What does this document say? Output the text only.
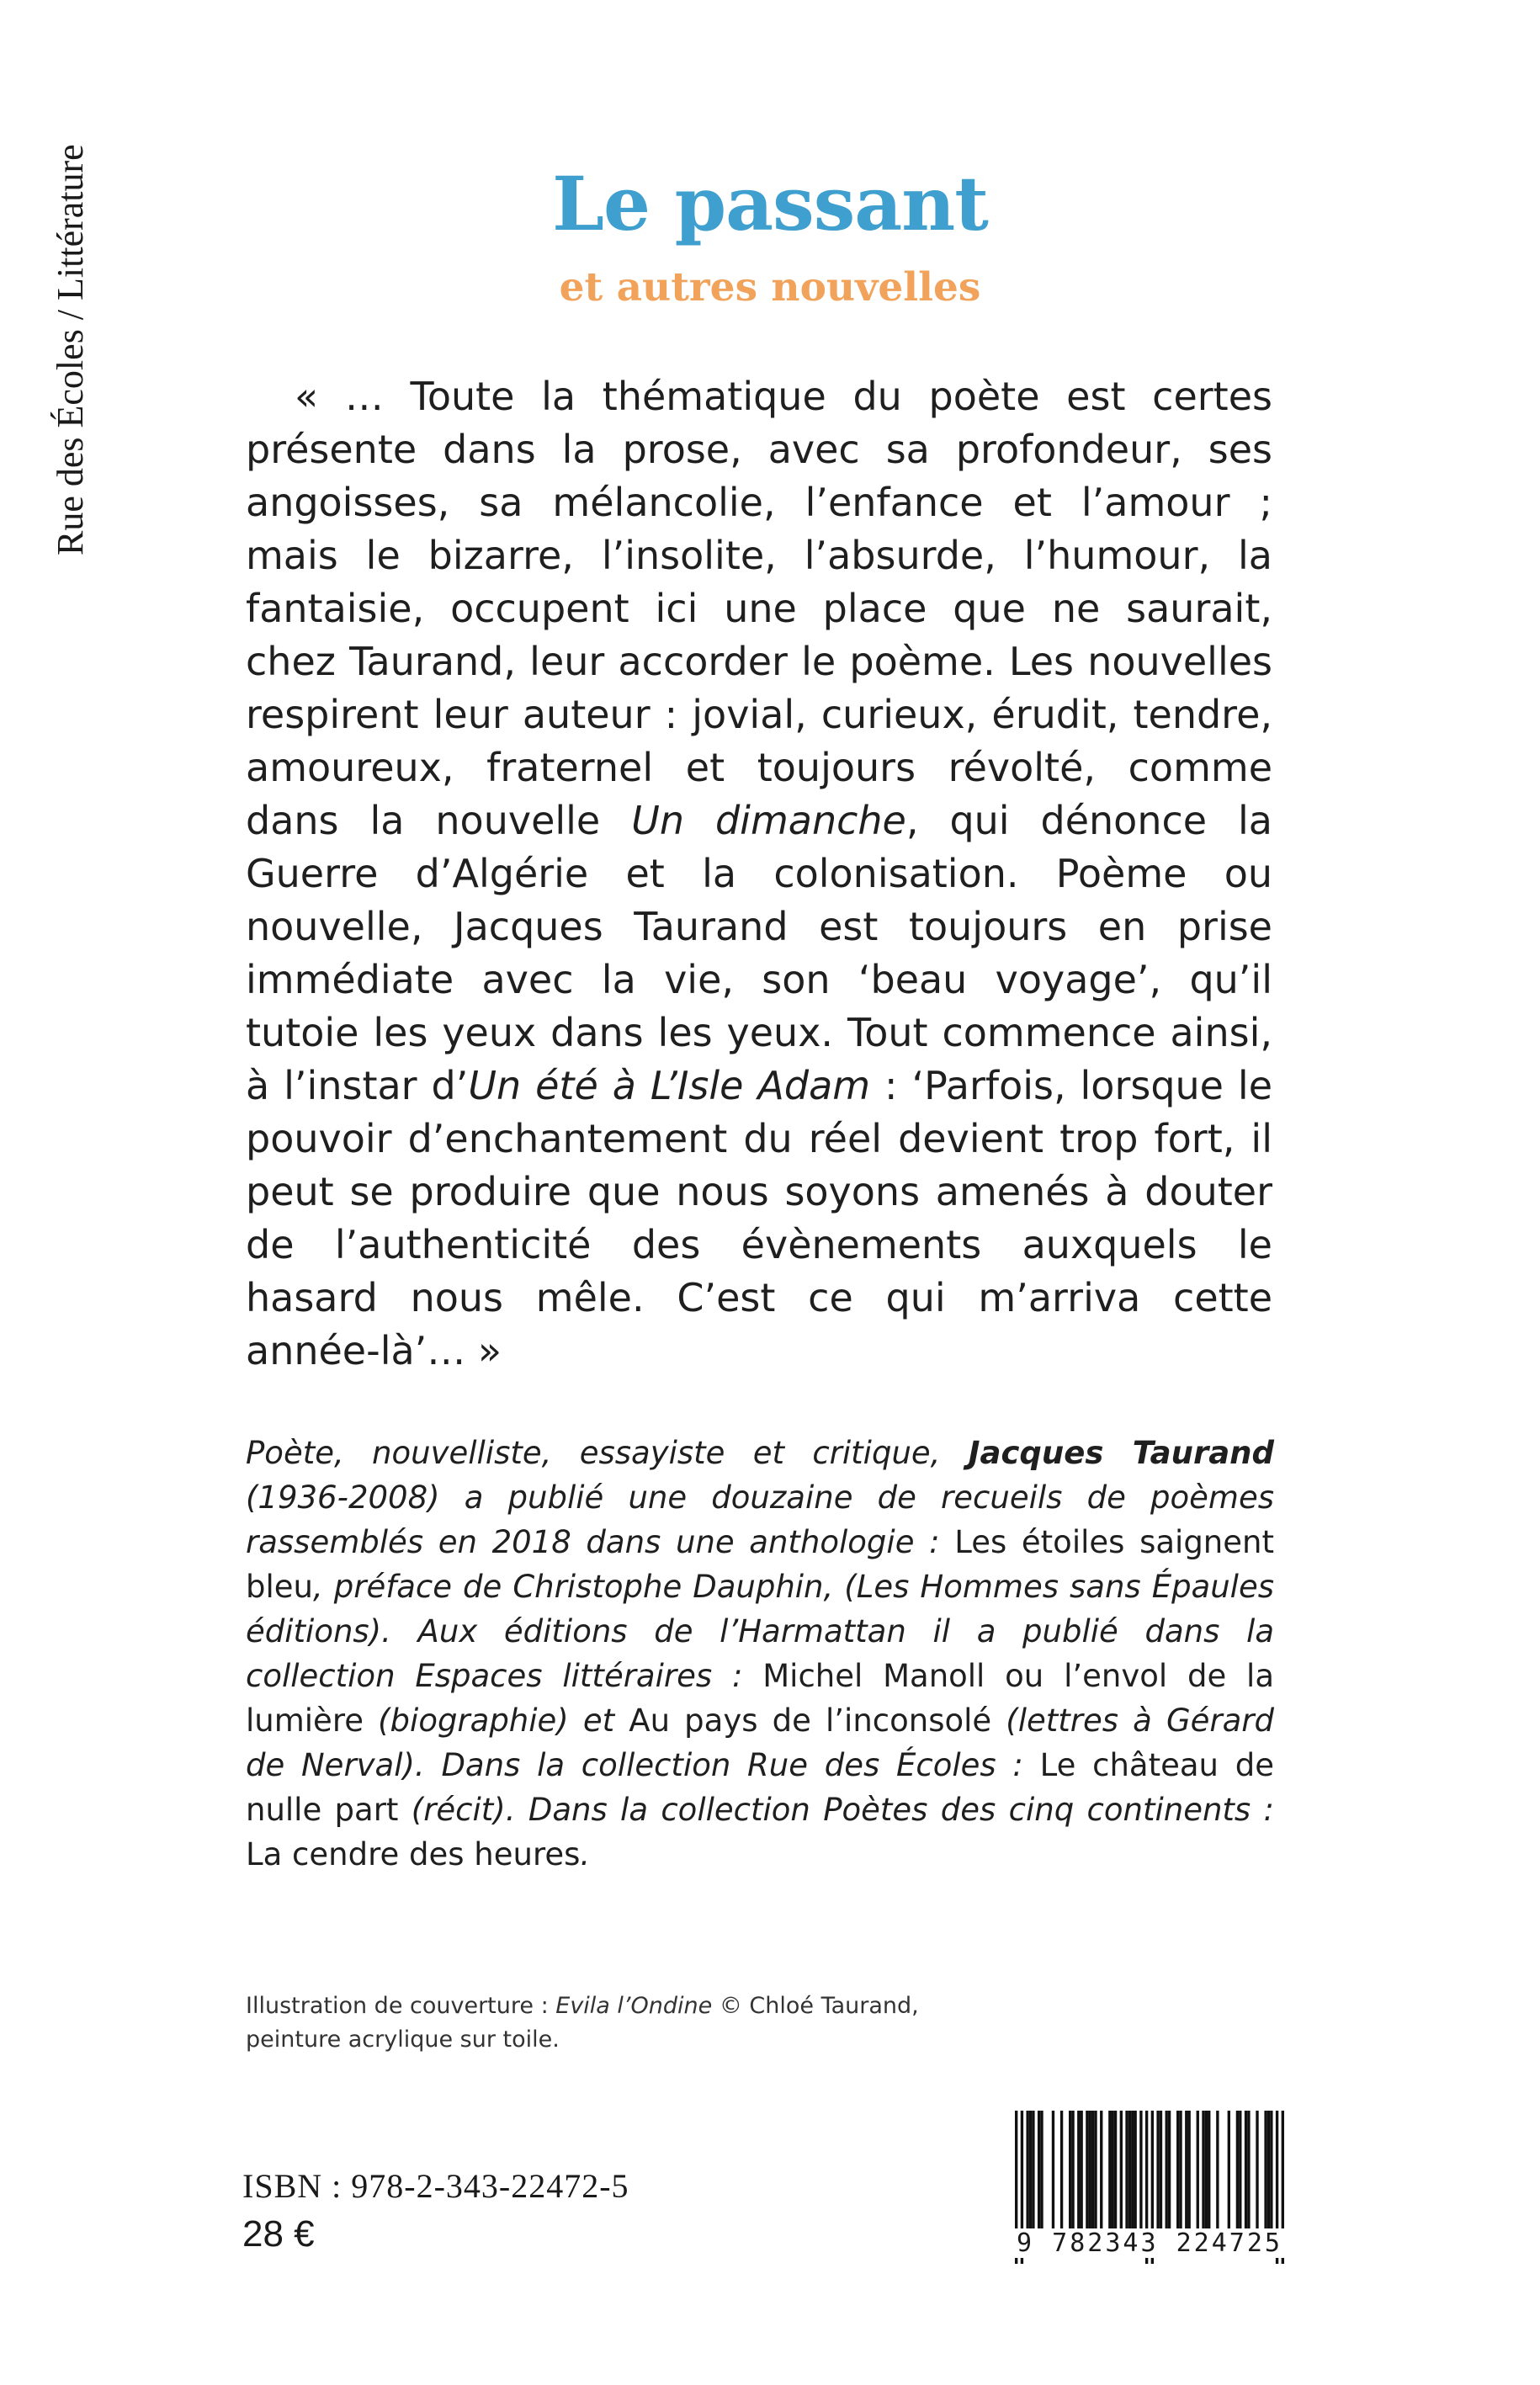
Rue des Écoles / Littérature	Le passant
et autres nouvelles

« … Toute la thématique du poète est certes présente dans la prose, avec sa profondeur, ses angoisses, sa mélancolie, l’enfance et l’amour ; mais le bizarre, l’insolite, l’absurde, l’humour, la fantaisie, occupent ici une place que ne saurait, chez Taurand, leur accorder le poème. Les nouvelles respirent leur auteur : jovial, curieux, érudit, tendre, amoureux, fraternel et toujours révolté, comme dans la nouvelle Un dimanche, qui dénonce la Guerre d’Algérie et la colonisation. Poème ou nouvelle, Jacques Taurand est toujours en prise immédiate avec la vie, son ‘beau voyage’, qu’il tutoie les yeux dans les yeux. Tout commence ainsi, à l’instar d’Un été à L’Isle Adam : ‘Parfois, lorsque le pouvoir d’enchantement du réel devient trop fort, il peut se produire que nous soyons amenés à douter de l’authenticité des évènements auxquels le hasard nous mêle. C’est ce qui m’arriva cette année-là’… »

Poète, nouvelliste, essayiste et critique, Jacques Taurand (1936-2008) a publié une douzaine de recueils de poèmes rassemblés en 2018 dans une anthologie : Les étoiles saignent bleu, préface de Christophe Dauphin, (Les Hommes sans Épaules éditions). Aux éditions de l’Harmattan il a publié dans la collection Espaces littéraires : Michel Manoll ou l’envol de la lumière (biographie) et Au pays de l’inconsolé (lettres à Gérard de Nerval). Dans la collection Rue des Écoles : Le château de nulle part (récit). Dans la collection Poètes des cinq continents : La cendre des heures.

Illustration de couverture : Evila l’Ondine © Chloé Taurand,
peinture acrylique sur toile.
ISBN : 978-2-343-22472-5
28 €	9 782343 224725
